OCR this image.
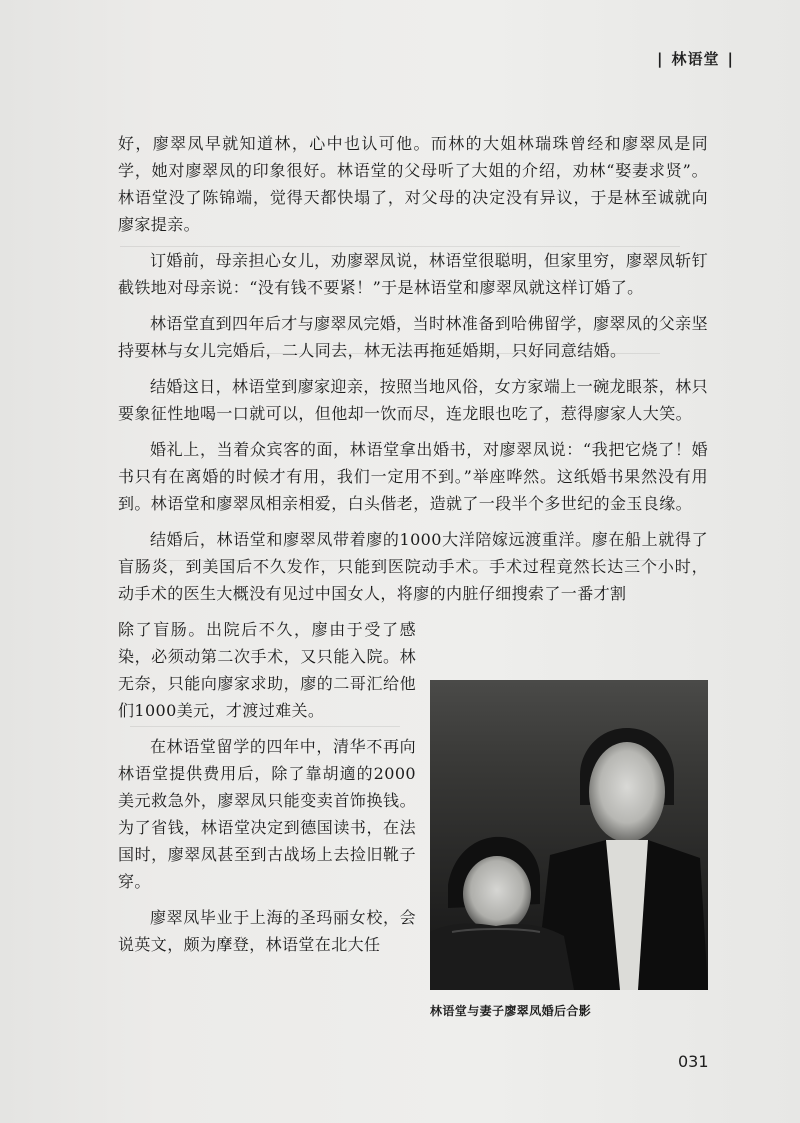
| 林语堂 |

好，廖翠凤早就知道林，心中也认可他。而林的大姐林瑞珠曾经和廖翠凤是同学，她对廖翠凤的印象很好。林语堂的父母听了大姐的介绍，劝林“娶妻求贤”。林语堂没了陈锦端，觉得天都快塌了，对父母的决定没有异议，于是林至诚就向廖家提亲。

订婚前，母亲担心女儿，劝廖翠凤说，林语堂很聪明，但家里穷，廖翠凤斩钉截铁地对母亲说：“没有钱不要紧！”于是林语堂和廖翠凤就这样订婚了。

林语堂直到四年后才与廖翠凤完婚，当时林准备到哈佛留学，廖翠凤的父亲坚持要林与女儿完婚后，二人同去，林无法再拖延婚期，只好同意结婚。

结婚这日，林语堂到廖家迎亲，按照当地风俗，女方家端上一碗龙眼茶，林只要象征性地喝一口就可以，但他却一饮而尽，连龙眼也吃了，惹得廖家人大笑。

婚礼上，当着众宾客的面，林语堂拿出婚书，对廖翠凤说：“我把它烧了！婚书只有在离婚的时候才有用，我们一定用不到。”举座哗然。这纸婚书果然没有用到。林语堂和廖翠凤相亲相爱，白头偕老，造就了一段半个多世纪的金玉良缘。

结婚后，林语堂和廖翠凤带着廖的1000大洋陪嫁远渡重洋。廖在船上就得了盲肠炎，到美国后不久发作，只能到医院动手术。手术过程竟然长达三个小时，动手术的医生大概没有见过中国女人，将廖的内脏仔细搜索了一番才割

除了盲肠。出院后不久，廖由于受了感染，必须动第二次手术，又只能入院。林无奈，只能向廖家求助，廖的二哥汇给他们1000美元，才渡过难关。

在林语堂留学的四年中，清华不再向林语堂提供费用后，除了靠胡適的2000美元救急外，廖翠凤只能变卖首饰换钱。为了省钱，林语堂决定到德国读书，在法国时，廖翠凤甚至到古战场上去捡旧靴子穿。

廖翠凤毕业于上海的圣玛丽女校，会说英文，颇为摩登，林语堂在北大任

林语堂与妻子廖翠凤婚后合影
031
